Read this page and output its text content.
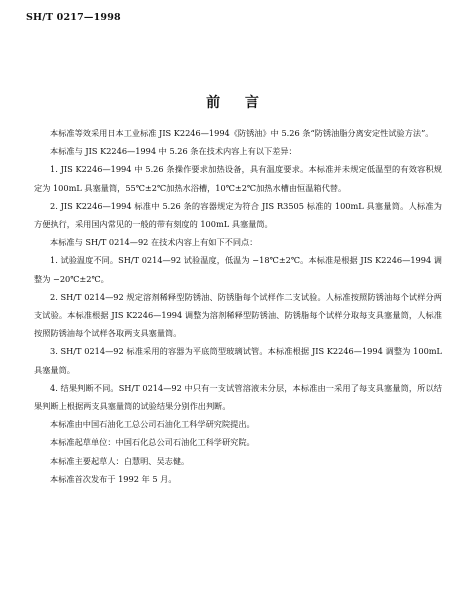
SH/T 0217—1998
前 言

本标准等效采用日本工业标准 JIS K2246—1994《防锈油》中 5.26 条“防锈油脂分离安定性试验方法”。

本标准与 JIS K2246—1994 中 5.26 条在技术内容上有以下差异：

1. JIS K2246—1994 中 5.26 条操作要求加热设备，具有温度要求。本标准并未规定低温型的有效容积规定为 100mL 具塞量筒，55℃±2℃加热水浴槽，10℃±2℃加热水槽由恒温箱代替。

2. JIS K2246—1994 标准中 5.26 条的容器规定为符合 JIS R3505 标准的 100mL 具塞量筒。人标准为方便执行，采用国内常见的一般的带有刻度的 100mL 具塞量筒。

本标准与 SH/T 0214—92 在技术内容上有如下不同点：

1. 试验温度不同。SH/T 0214—92 试验温度，低温为 −18℃±2℃。本标准是根据 JIS K2246—1994 调整为 −20℃±2℃。

2. SH/T 0214—92 规定溶剂稀释型防锈油、防锈脂每个试样作二支试验。人标准按照防锈油每个试样分两支试验。本标准根据 JIS K2246—1994 调整为溶剂稀释型防锈油、防锈脂每个试样分取每支具塞量筒，人标准按照防锈油每个试样各取两支具塞量筒。

3. SH/T 0214—92 标准采用的容器为平底筒型玻璃试管。本标准根据 JIS K2246—1994 调整为 100mL 具塞量筒。

4. 结果判断不同。SH/T 0214—92 中只有一支试管溶液未分层，本标准由一采用了每支具塞量筒，所以结果判断上根据两支具塞量筒的试验结果分别作出判断。

本标准由中国石油化工总公司石油化工科学研究院提出。

本标准起草单位：中国石化总公司石油化工科学研究院。

本标准主要起草人：白慧明、吴志健。

本标准首次发布于 1992 年 5 月。
